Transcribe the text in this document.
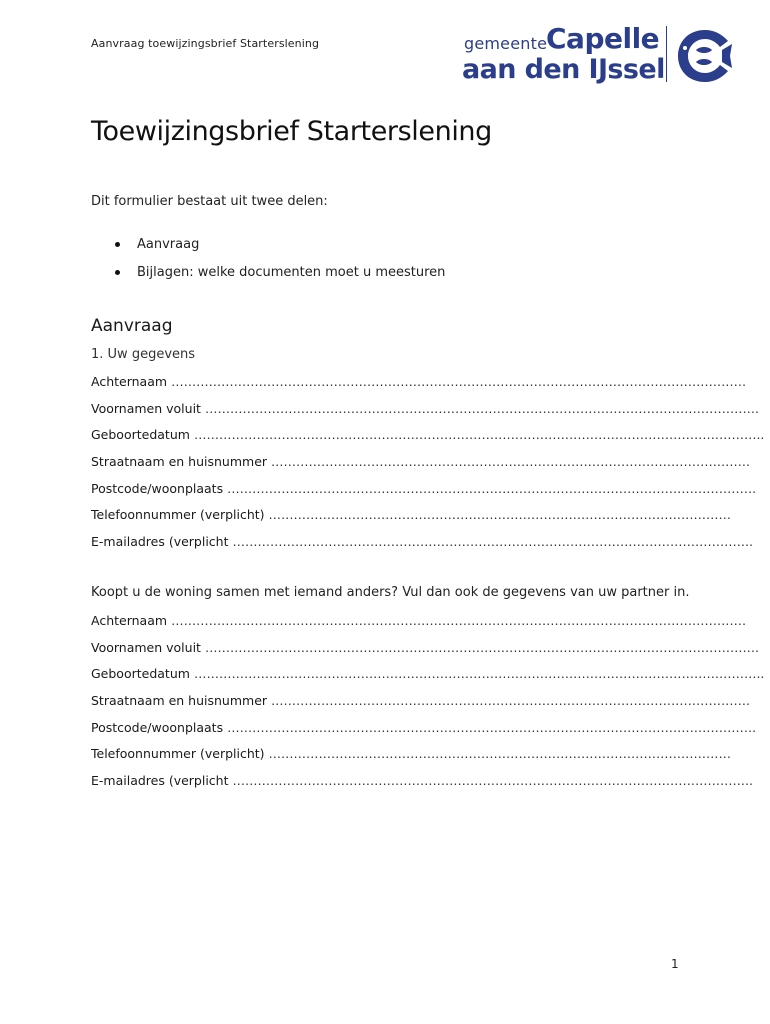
Aanvraag toewijzingsbrief Starterslening	gemeente
Capelle
aan den IJssel
Toewijzingsbrief Starterslening
Dit formulier bestaat uit twee delen:
Aanvraag
Bijlagen: welke documenten moet u meesturen
Aanvraag
1. Uw gegevens
Achternaam …………………………………………………………………………………………………………………………
Voornamen voluit …………………………………………………………………………………………………………………….
Geboortedatum ………………………………………………………………………………………………………………………..
Straatnaam en huisnummer …………………………………………………………………………………………………….
Postcode/woonplaats ……………………………………………………………………………………………………………….
Telefoonnummer (verplicht) …………………………………………………………………………………………………
E-mailadres (verplicht ……………………………………………………………………………………………………………..
Koopt u de woning samen met iemand anders? Vul dan ook de gegevens van uw partner in.
Achternaam …………………………………………………………………………………………………………………………
Voornamen voluit …………………………………………………………………………………………………………………….
Geboortedatum ………………………………………………………………………………………………………………………..
Straatnaam en huisnummer …………………………………………………………………………………………………….
Postcode/woonplaats ……………………………………………………………………………………………………………….
Telefoonnummer (verplicht) …………………………………………………………………………………………………
E-mailadres (verplicht ……………………………………………………………………………………………………………..
1
